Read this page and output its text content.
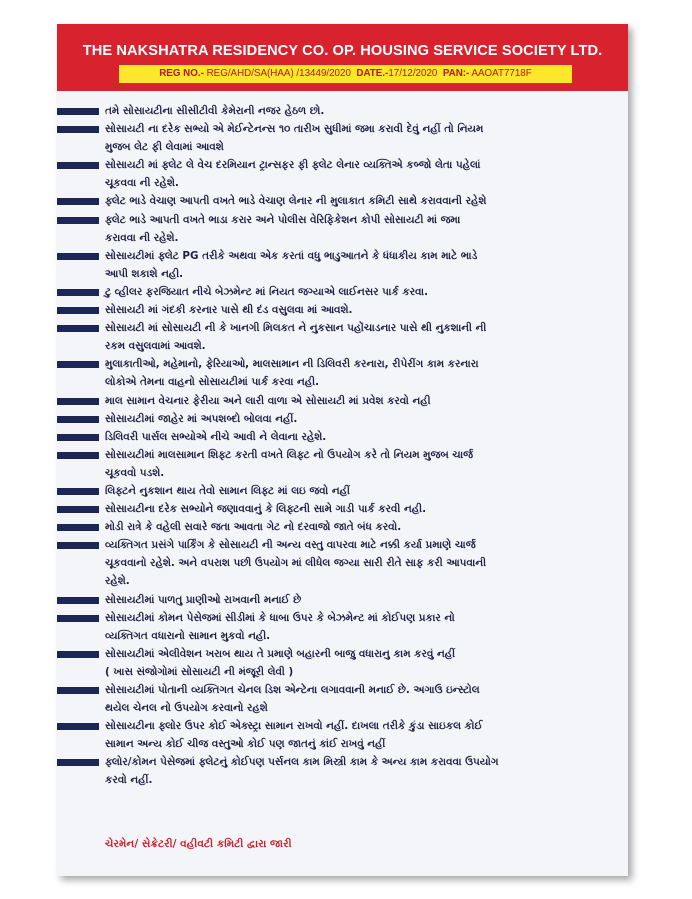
THE NAKSHATRA RESIDENCY CO. OP. HOUSING SERVICE SOCIETY LTD.
REG NO.- REG/AHD/SA(HAA) /13449/2020 DATE.-17/12/2020 PAN:- AAOAT7718F
તમે સોસાયટીના સીસીટીવી કેમેરાની નજર હેઠળ છો.
સોસાયટી ના દરેક સભ્યો એ મેઈન્ટેનન્સ ૧૦ તારીખ સુધીમાં જમા કરાવી દેવું નહીં તો નિયમ
મુજબ લેટ ફી લેવામાં આવશે
સોસાયટી માં ફ્લેટ લે વેચ દરમિયાન ટ્રાન્સફર ફી ફ્લેટ લેનાર વ્યક્તિએ કબ્જો લેતા પહેલાં
ચૂકવવા ની રહેશે.
ફ્લેટ ભાડે વેચાણ આપતી વખતે ભાડે વેચાણ લેનાર ની મુલાકાત કમિટી સાથે કરાવવાની રહેશે
ફ્લેટ ભાડે આપતી વખતે ભાડા કરાર અને પોલીસ વેરિફિકેશન કોપી સોસાયટી માં જમા
કરાવવા ની રહેશે.
સોસાયટીમાં ફ્લેટ PG તરીકે અથવા એક કરતાં વધુ ભાડુઆતને કે ધંધાકીય કામ માટે ભાડે
આપી શકાશે નહી.
ટુ વ્હીલર ફરજિયાત નીચે બેઝમેન્ટ માં નિયત જગ્યાએ લાઈનસર પાર્ક કરવા.
સોસાયટી માં ગંદકી કરનાર પાસે થી દંડ વસુલવા માં આવશે.
સોસાયટી માં સોસાયટી ની કે ખાનગી મિલકત ને નુકસાન પહોંચાડનાર પાસે થી નુકશાની ની
રકમ વસુલવામાં આવશે.
મુલાકાતીઓ, મહેમાનો, ફેરિયાઓ, માલસામાન ની ડિલિવરી કરનારા, રીપેરીંગ કામ કરનારા
લોકોએ તેમના વાહનો સોસાયટીમાં પાર્ક કરવા નહી.
માલ સામાન વેચનાર ફેરીયા અને લારી વાળા એ સોસાયટી માં પ્રવેશ કરવો નહી
સોસાયટીમાં જાહેર માં અપશબ્દો બોલવા નહીં.
ડિલિવરી પાર્સલ સભ્યોએ નીચે આવી ને લેવાના રહેશે.
સોસાયટીમાં માલસામાન શિફ્ટ કરતી વખતે લિફ્ટ નો ઉપયોગ કરે તો નિયમ મુજબ ચાર્જ
ચૂકવવો પડશે.
લિફ્ટને નુકશાન થાય તેવો સામાન લિફ્ટ માં લઇ જવો નહીં
સોસાયટીના દરેક સભ્યોને જણાવવાનું કે લિફ્ટની સામે ગાડી પાર્ક કરવી નહી.
મોડી રાત્રે કે વહેલી સવારે જતા આવતા ગેટ નો દરવાજો જાતે બંધ કરવો.
વ્યક્તિગત પ્રસંગે પાર્કિંગ કે સોસાયટી ની અન્ય વસ્તુ વાપરવા માટે નક્કી કર્યા પ્રમાણે ચાર્જ
ચૂકવવાનો રહેશે. અને વપરાશ પછી ઉપયોગ માં લીધેલ જગ્યા સારી રીતે સાફ કરી આપવાની
રહેશે.
સોસાયટીમાં પાળતુ પ્રાણીઓ રાખવાની મનાઈ છે
સોસાયટીમાં કોમન પેસેજમાં સીડીમાં કે ધાબા ઉપર કે બેઝમેન્ટ માં કોઈપણ પ્રકાર નો
વ્યક્તિગત વધારાનો સામાન મુકવો નહી.
સોસાયટીમાં એલીવેશન ખરાબ થાય તે પ્રમાણે બહારની બાજુ વધારાનુ કામ કરવું નહીં
( ખાસ સંજોગોમાં સોસાયટી ની મંજૂરી લેવી )
સોસાયટીમાં પોતાની વ્યક્તિગત ચેનલ ડિશ એન્ટેના લગાવવાની મનાઈ છે. અગાઉ ઇન્સ્ટોલ
થયેલ ચેનલ નો ઉપયોગ કરવાનો રહશે
સોસાયટીના ફ્લોર ઉપર કોઈ એક્સ્ટ્રા સામાન રાખવો નહીં. દાખલા તરીકે કુંડા સાઇકલ કોઈ
સામાન અન્ય કોઈ ચીજ વસ્તુઓ કોઈ પણ જાતનું કાંઈ રાખવું નહીં
ફ્લોર/કોમન પેસેજમાં ફ્લેટનું કોઈપણ પર્સનલ કામ મિસ્ત્રી કામ કે અન્ય કામ કરાવવા ઉપયોગ
કરવો નહીં.
ચેરમેન/ સેક્રેટરી/ વહીવટી કમિટી દ્વારા જારી
